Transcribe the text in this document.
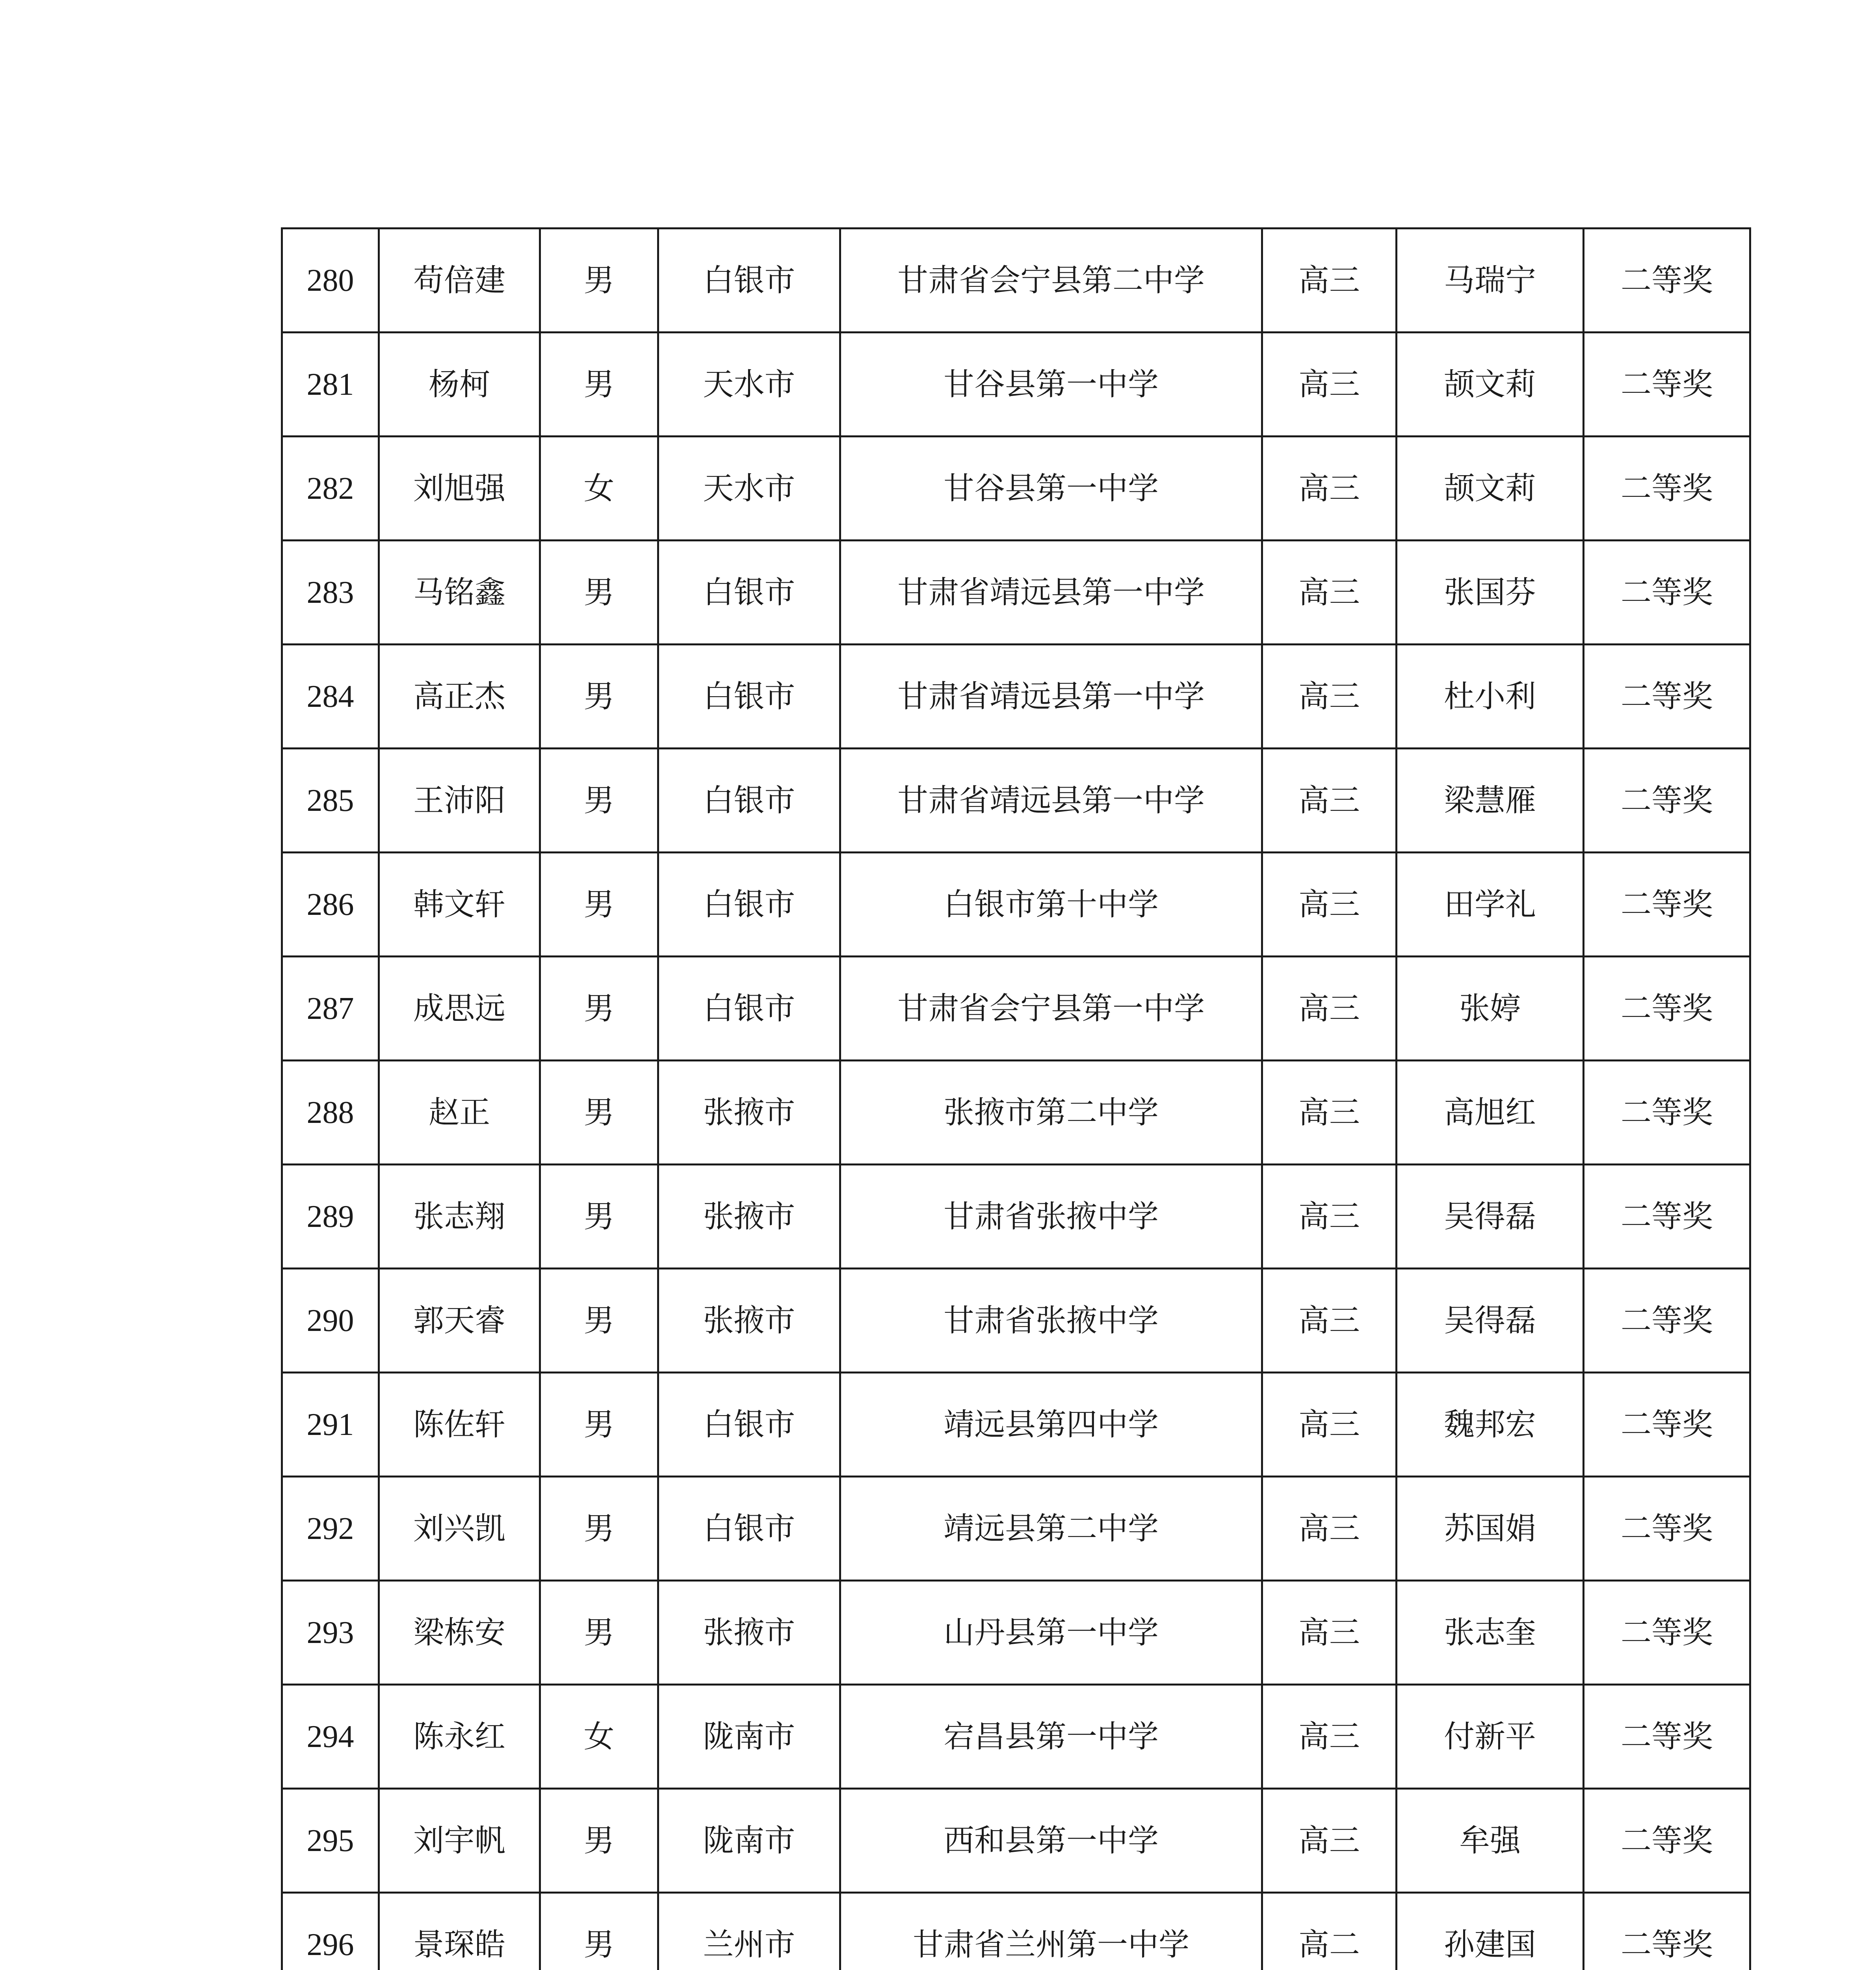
280	苟倍建	男	白银市	甘肃省会宁县第二中学	高三	马瑞宁	二等奖
281	杨柯	男	天水市	甘谷县第一中学	高三	颉文莉	二等奖
282	刘旭强	女	天水市	甘谷县第一中学	高三	颉文莉	二等奖
283	马铭鑫	男	白银市	甘肃省靖远县第一中学	高三	张国芬	二等奖
284	高正杰	男	白银市	甘肃省靖远县第一中学	高三	杜小利	二等奖
285	王沛阳	男	白银市	甘肃省靖远县第一中学	高三	梁慧雁	二等奖
286	韩文轩	男	白银市	白银市第十中学	高三	田学礼	二等奖
287	成思远	男	白银市	甘肃省会宁县第一中学	高三	张婷	二等奖
288	赵正	男	张掖市	张掖市第二中学	高三	高旭红	二等奖
289	张志翔	男	张掖市	甘肃省张掖中学	高三	吴得磊	二等奖
290	郭天睿	男	张掖市	甘肃省张掖中学	高三	吴得磊	二等奖
291	陈佐轩	男	白银市	靖远县第四中学	高三	魏邦宏	二等奖
292	刘兴凯	男	白银市	靖远县第二中学	高三	苏国娟	二等奖
293	梁栋安	男	张掖市	山丹县第一中学	高三	张志奎	二等奖
294	陈永红	女	陇南市	宕昌县第一中学	高三	付新平	二等奖
295	刘宇帆	男	陇南市	西和县第一中学	高三	牟强	二等奖
296	景琛皓	男	兰州市	甘肃省兰州第一中学	高二	孙建国	二等奖
